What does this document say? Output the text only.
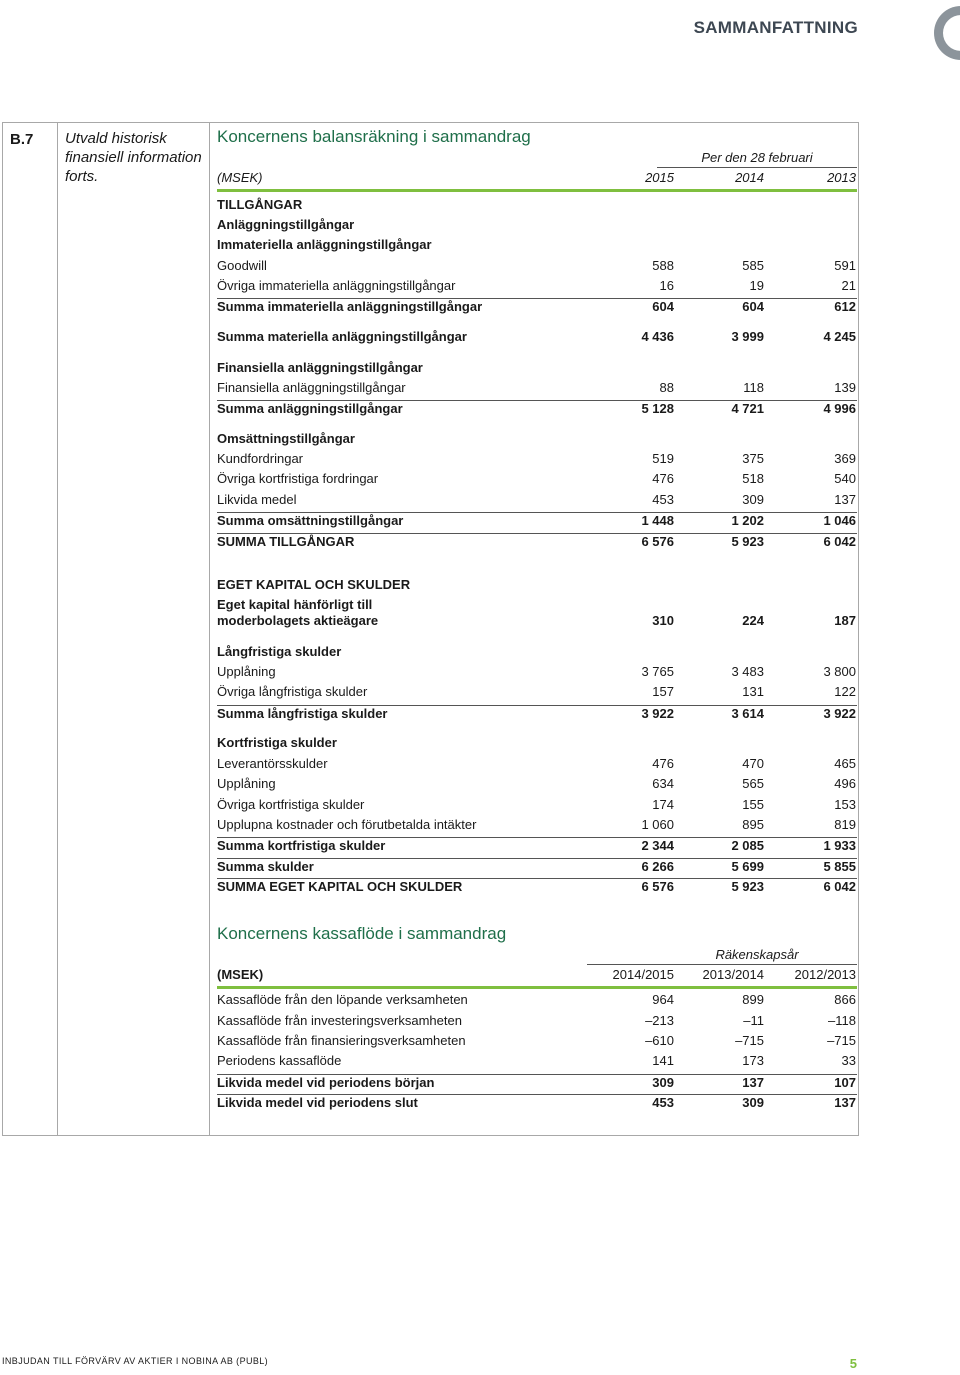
SAMMANFATTNING
B.7 Utvald historisk finansiell information forts.
Koncernens balansräkning i sammandrag
Per den 28 februari
(MSEK)	2015	2014	2013
TILLGÅNGAR
Anläggningstillgångar
Immateriella anläggningstillgångar
Goodwill	588	585	591
Övriga immateriella anläggningstillgångar	16	19	21
Summa immateriella anläggningstillgångar	604	604	612
Summa materiella anläggningstillgångar	4 436	3 999	4 245
Finansiella anläggningstillgångar
Finansiella anläggningstillgångar	88	118	139
Summa anläggningstillgångar	5 128	4 721	4 996
Omsättningstillgångar
Kundfordringar	519	375	369
Övriga kortfristiga fordringar	476	518	540
Likvida medel	453	309	137
Summa omsättningstillgångar	1 448	1 202	1 046
SUMMA TILLGÅNGAR	6 576	5 923	6 042
EGET KAPITAL OCH SKULDER
Eget kapital hänförligt till
moderbolagets aktieägare	310	224	187
Långfristiga skulder
Upplåning	3 765	3 483	3 800
Övriga långfristiga skulder	157	131	122
Summa långfristiga skulder	3 922	3 614	3 922
Kortfristiga skulder
Leverantörsskulder	476	470	465
Upplåning	634	565	496
Övriga kortfristiga skulder	174	155	153
Upplupna kostnader och förutbetalda intäkter	1 060	895	819
Summa kortfristiga skulder	2 344	2 085	1 933
Summa skulder	6 266	5 699	5 855
SUMMA EGET KAPITAL OCH SKULDER	6 576	5 923	6 042
Koncernens kassaflöde i sammandrag
Räkenskapsår
(MSEK)	2014/2015	2013/2014	2012/2013
Kassaflöde från den löpande verksamheten	964	899	866
Kassaflöde från investeringsverksamheten	–213	–11	–118
Kassaflöde från finansieringsverksamheten	–610	–715	–715
Periodens kassaflöde	141	173	33
Likvida medel vid periodens början	309	137	107
Likvida medel vid periodens slut	453	309	137
INBJUDAN TILL FÖRVÄRV AV AKTIER I NOBINA AB (PUBL)	5
